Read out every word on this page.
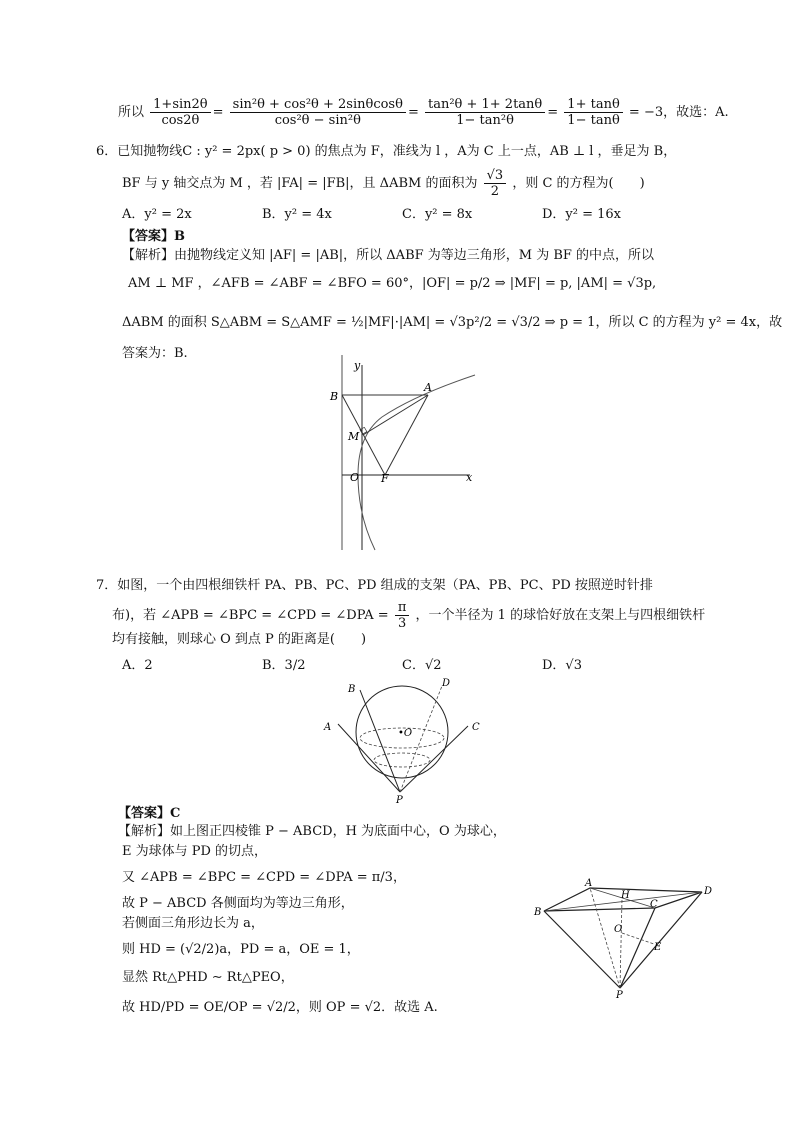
所以 $\frac{1+\sin 2\theta}{\cos 2\theta} = \frac{\text{sin²θ + cos²θ + 2sinθcosθ}}{\text{cos²θ − sin²θ}} = \frac{\text{tan²θ + 1+ 2tanθ}}{\text{1− tan²θ}} = \frac{1+ \tan\theta}{1- \tan\theta} = -3$，故选：A.
6．已知抛物线C : y² = 2px( p > 0) 的焦点为 F，准线为 l ，A为 C 上一点，AB ⊥ l ，垂足为 B，
BF 与 y 轴交点为 M ，若 |FA| = |FB|，且 ΔABM 的面积为 $\frac{√3}{2}$ ，则 C 的方程为(　　)
A．y² = 2x	B．y² = 4x	C．y² = 8x	D．y² = 16x
【答案】B
【解析】由抛物线定义知 |AF| = |AB|，所以 ΔABF 为等边三角形，M 为 BF 的中点，所以
AM ⊥ MF ，∠AFB = ∠ABF = ∠BFO = 60°，|OF| = p/2 ⇒ |MF| = p, |AM| = √3p,
ΔABM 的面积 S△ABM = S△AMF = ½|MF|·|AM| = √3p²/2 = √3/2 ⇒ p = 1，所以 C 的方程为 y² = 4x，故
答案为：B.
y
A
B
M
O F	x
7．如图，一个由四根细铁杆 PA、PB、PC、PD 组成的支架（PA、PB、PC、PD 按照逆时针排
布)，若 ∠APB = ∠BPC = ∠CPD = ∠DPA = $\frac{\pi}{3}$ ，一个半径为 1 的球恰好放在支架上与四根细铁杆
均有接触，则球心 O 到点 P 的距离是(　　)
A．2	B．3/2	C．√2	D．√3
A
B
C
D
•O
P
【答案】C
【解析】如上图正四棱锥 P − ABCD，H 为底面中心，O 为球心，
E 为球体与 PD 的切点，
又 ∠APB = ∠BPC = ∠CPD = ∠DPA = π/3，
故 P − ABCD 各侧面均为等边三角形，
若侧面三角形边长为 a，
则 HD = (√2/2)a，PD = a，OE = 1，
显然 Rt△PHD ∼ Rt△PEO，
故 HD/PD = OE/OP = √2/2，则 OP = √2．故选 A.
A
H	D
B
C
O
E
P
